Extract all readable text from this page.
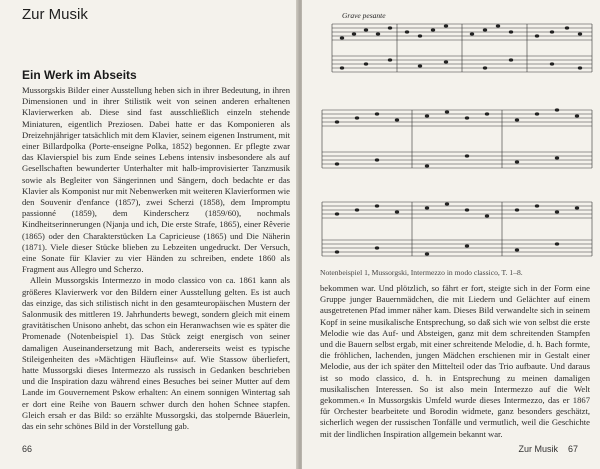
Zur Musik
Ein Werk im Abseits

Mussorgskis Bilder einer Ausstellung heben sich in ihrer Bedeutung, in ihren Dimensionen und in ihrer Stilistik weit von seinen anderen erhaltenen Klavierwerken ab. Diese sind fast ausschließlich einzeln stehende Miniaturen, eigentlich Preziosen. Dabei hatte er das Komponieren als Dreizehnjähriger tatsächlich mit dem Klavier, seinem eigenen Instrument, mit einer Billardpolka (Porte-enseigne Polka, 1852) begonnen. Er pflegte zwar das Klavierspiel bis zum Ende seines Lebens intensiv insbesondere als auf Gesellschaften bewunderter Unterhalter mit halb-improvisierter Tanzmusik sowie als Begleiter von Sängerinnen und Sängern, doch bedachte er das Klavier als Komponist nur mit Nebenwerken mit weiteren Klavierformen wie den Souvenir d'enfance (1857), zwei Scherzi (1858), dem Impromptu passionné (1859), dem Kinderscherz (1859/60), nochmals Kindheitserinnerungen (Njanja und ich, Die erste Strafe, 1865), einer Rêverie (1865) oder den Charakterstücken La Capricieuse (1865) und Die Näherin (1871). Viele dieser Stücke blieben zu Lebzeiten ungedruckt. Der Versuch, eine Sonate für Klavier zu vier Händen zu schreiben, endete 1860 als Fragment aus Allegro und Scherzo.

Allein Mussorgskis Intermezzo in modo classico von ca. 1861 kann als größeres Klavierwerk vor den Bildern einer Ausstellung gelten. Es ist auch das einzige, das sich stilistisch nicht in den gesamteuropäischen Mustern der Salonmusik des mittleren 19. Jahrhunderts bewegt, sondern gleich mit einem gravitätischen Unisono anhebt, das schon ein Heranwachsen wie es später die Promenade (Notenbeispiel 1). Das Stück zeigt energisch von seiner damaligen Auseinandersetzung mit Bach, andererseits weist es typische Stileigenheiten des »Mächtigen Häufleins« auf. Wie Stassow überliefert, hatte Mussorgski dieses Intermezzo als russisch in Gedanken beschrieben und die Inspiration dazu während eines Besuches bei seiner Mutter auf dem Lande im Gouvernement Pskow erhalten: An einem sonnigen Wintertag sah er dort eine Reihe von Bauern schwer durch den hohen Schnee stapfen. Gleich ersah er das Bild: so erzählte Mussorgski, das stolpernde Bäuerlein, das ein sehr schönes Bild in der Vorstellung gab.

66
Grave pesante
Notenbeispiel 1, Mussorgski, Intermezzo in modo classico, T. 1–8.

bekommen war. Und plötzlich, so fährt er fort, steigte sich in der Form eine Gruppe junger Bauernmädchen, die mit Liedern und Gelächter auf einem ausgetretenen Pfad immer näher kam. Dieses Bild verwandelte sich in seinem Kopf in seine musikalische Entsprechung, so daß sich wie von selbst die erste Melodie wie das Auf- und Absteigen, ganz mit dem schreitenden Stampfen und die Bauern selbst ergab, mit einer schreitende Melodie, d. h. Bach formte, die fröhlichen, lachenden, jungen Mädchen erschienen mir in Gestalt einer Melodie, aus der ich später den Mittelteil oder das Trio aufbaute. Und daraus ist so modo classico, d. h. in Entsprechung zu meinen damaligen musikalischen Interessen. So ist also mein Intermezzo auf die Welt gekommen.« In Mussorgskis Umfeld wurde dieses Intermezzo, das er 1867 für Orchester bearbeitete und Borodin widmete, ganz besonders geschätzt, sicherlich wegen der russischen Tonfälle und vermutlich, weil die Geschichte mit der lindlichen Inspiration allgemein bekannt war.

Zur Musik 67
